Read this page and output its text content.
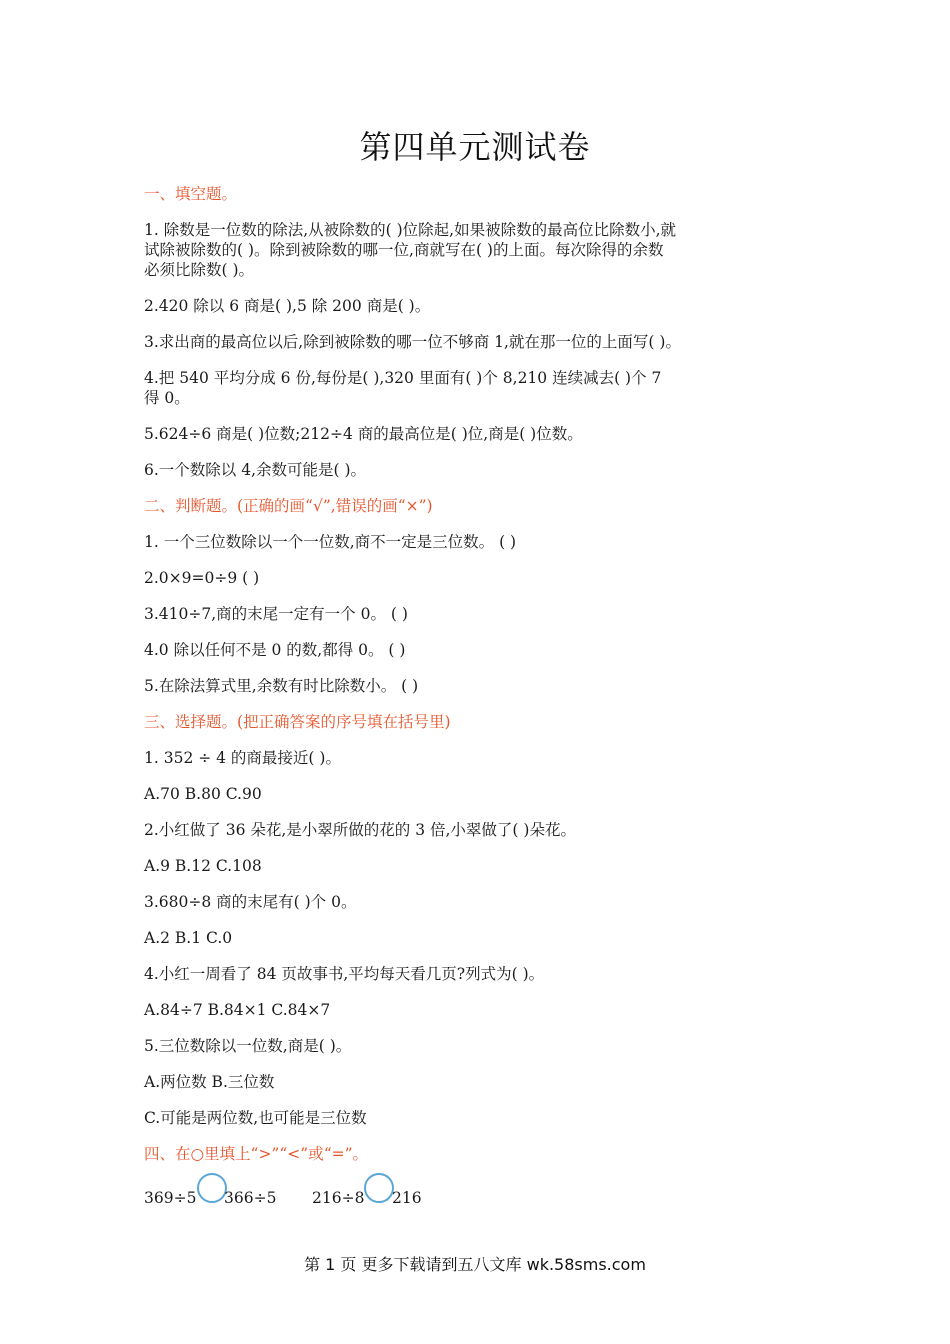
第四单元测试卷
一、填空题。
1. 除数是一位数的除法,从被除数的( )位除起,如果被除数的最高位比除数小,就
试除被除数的( )。除到被除数的哪一位,商就写在( )的上面。每次除得的余数
必须比除数( )。
2.420 除以 6 商是( ),5 除 200 商是( )。
3.求出商的最高位以后,除到被除数的哪一位不够商 1,就在那一位的上面写( )。
4.把 540 平均分成 6 份,每份是( ),320 里面有( )个 8,210 连续减去( )个 7
得 0。
5.624÷6 商是( )位数;212÷4 商的最高位是( )位,商是( )位数。
6.一个数除以 4,余数可能是( )。
二、判断题。(正确的画“√”,错误的画“×”)
1. 一个三位数除以一个一位数,商不一定是三位数。 ( )
2.0×9=0÷9 ( )
3.410÷7,商的末尾一定有一个 0。 ( )
4.0 除以任何不是 0 的数,都得 0。 ( )
5.在除法算式里,余数有时比除数小。 ( )
三、选择题。(把正确答案的序号填在括号里)
1. 352 ÷ 4 的商最接近( )。
A.70 B.80 C.90
2.小红做了 36 朵花,是小翠所做的花的 3 倍,小翠做了( )朵花。
A.9 B.12 C.108
3.680÷8 商的末尾有( )个 0。
A.2 B.1 C.0
4.小红一周看了 84 页故事书,平均每天看几页?列式为( )。
A.84÷7 B.84×1 C.84×7
5.三位数除以一位数,商是( )。
A.两位数 B.三位数
C.可能是两位数,也可能是三位数
四、在○里填上“>”“<”或“=”。
369÷5 366÷5 216÷8 216
第 1 页 更多下载请到五八文库 wk.58sms.com
